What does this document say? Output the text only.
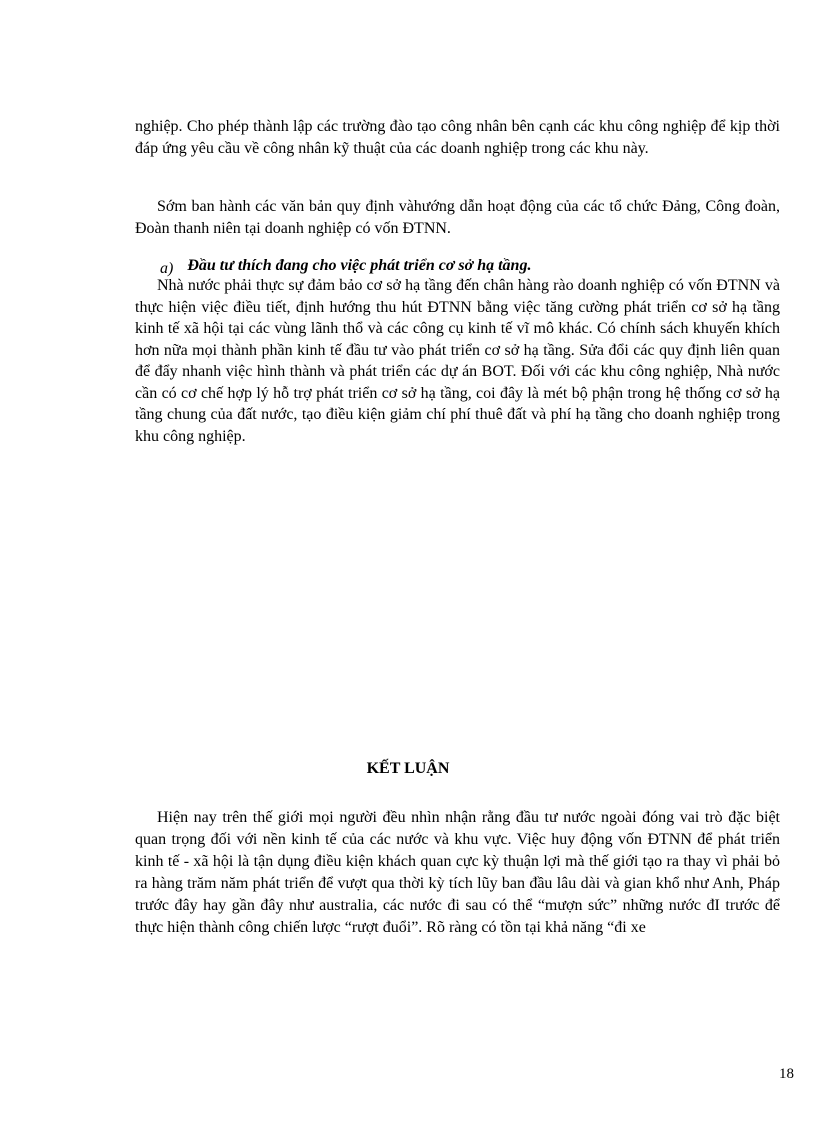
nghiệp. Cho phép thành lập các trường đào tạo công nhân bên cạnh các khu công nghiệp để kịp thời đáp ứng yêu cầu về công nhân kỹ thuật của các doanh nghiệp trong các khu này.

Sớm ban hành các văn bản quy định vàhướng dẫn hoạt động của các tổ chức Đảng, Công đoàn, Đoàn thanh niên tại doanh nghiệp có vốn ĐTNN.

a) Đầu tư thích đang cho việc phát triển cơ sở hạ tầng.

Nhà nước phải thực sự đảm bảo cơ sở hạ tầng đến chân hàng rào doanh nghiệp có vốn ĐTNN và thực hiện việc điều tiết, định hướng thu hút ĐTNN bằng việc tăng cường phát triển cơ sở hạ tầng kinh tế xã hội tại các vùng lãnh thổ và các công cụ kinh tế vĩ mô khác. Có chính sách khuyến khích hơn nữa mọi thành phần kinh tế đầu tư vào phát triển cơ sở hạ tầng. Sửa đổi các quy định liên quan để đẩy nhanh việc hình thành và phát triển các dự án BOT. Đối với các khu công nghiệp, Nhà nước cần có cơ chế hợp lý hỗ trợ phát triển cơ sở hạ tầng, coi đây là mét bộ phận trong hệ thống cơ sở hạ tầng chung của đất nước, tạo điều kiện giảm chí phí thuê đất và phí hạ tầng cho doanh nghiệp trong khu công nghiệp.

KẾT LUẬN

Hiện nay trên thế giới mọi người đều nhìn nhận rằng đầu tư nước ngoài đóng vai trò đặc biệt quan trọng đối với nền kinh tế của các nước và khu vực. Việc huy động vốn ĐTNN để phát triển kinh tế - xã hội là tận dụng điều kiện khách quan cực kỳ thuận lợi mà thế giới tạo ra thay vì phải bỏ ra hàng trăm năm phát triển để vượt qua thời kỳ tích lũy ban đầu lâu dài và gian khổ như Anh, Pháp trước đây hay gần đây như australia, các nước đi sau có thể “mượn sức” những nước đI trước để thực hiện thành công chiến lược “rượt đuổi”. Rõ ràng có tồn tại khả năng “đi xe

18
